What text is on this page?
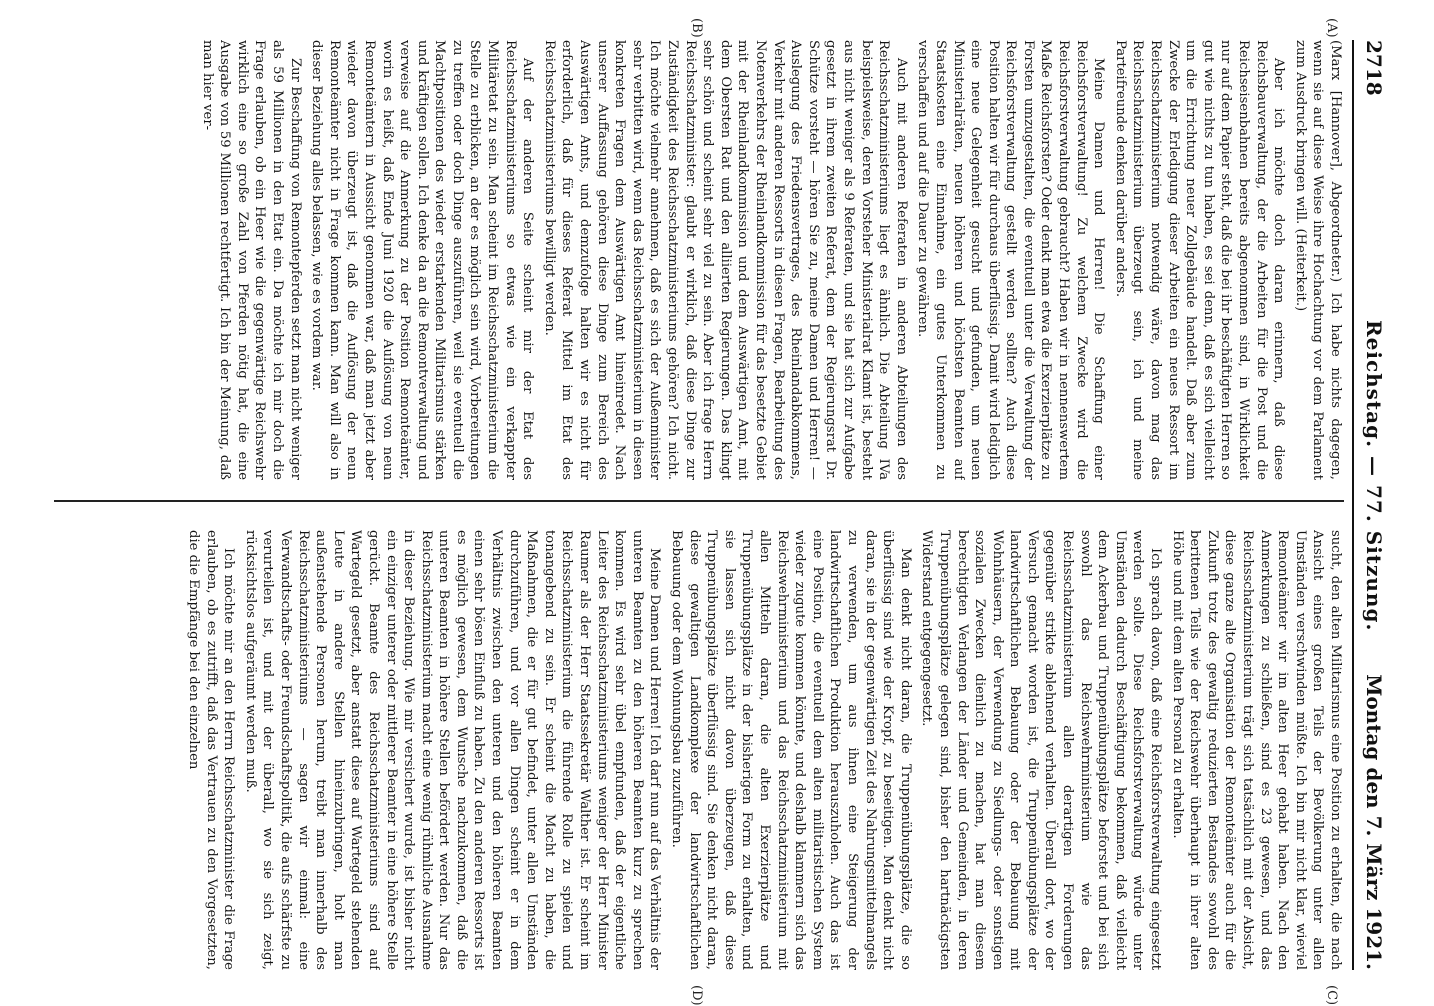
2718
Reichstag. — 77. Sitzung.
Montag den 7. März 1921.
(A)
(B)
(C)
(D)

(Marx [Hannover], Abgeordneter.) Ich habe nichts dagegen, wenn sie auf diese Weise ihre Hochachtung vor dem Parlament zum Ausdruck bringen will. (Heiterkeit.)

Aber ich möchte doch daran erinnern, daß diese Reichsbauverwaltung, der die Arbeiten für die Post und die Reichseisenbahnen bereits abgenommen sind, in Wirklichkeit nur auf dem Papier steht, daß die bei ihr beschäftigten Herren so gut wie nichts zu tun haben, es sei denn, daß es sich vielleicht um die Errichtung neuer Zollgebäude handelt. Daß aber zum Zwecke der Erledigung dieser Arbeiten ein neues Ressort im Reichsschatzministerium notwendig wäre, davon mag das Reichsschatzministerium überzeugt sein, ich und meine Parteifreunde denken darüber anders.

Meine Damen und Herren! Die Schaffung einer Reichsforstverwaltung! Zu welchem Zwecke wird die Reichsforstverwaltung gebraucht? Haben wir in nennenswertem Maße Reichsforsten? Oder denkt man etwa die Exerzierplätze zu Forsten umzugestalten, die eventuell unter die Verwaltung der Reichsforstverwaltung gestellt werden sollten? Auch diese Position halten wir für durchaus überflüssig. Damit wird lediglich eine neue Gelegenheit gesucht und gefunden, um neuen Ministerialräten, neuen höheren und höchsten Beamten auf Staatskosten eine Einnahme, ein gutes Unterkommen zu verschaffen und auf die Dauer zu gewähren.

Auch mit anderen Referaten in anderen Abteilungen des Reichsschatzministeriums liegt es ähnlich. Die Abteilung IVa beispielsweise, deren Vorsteher Ministerialrat Klamt ist, besteht aus nicht weniger als 9 Referaten, und sie hat sich zur Aufgabe gesetzt in ihrem zweiten Referat, dem der Regierungsrat Dr. Schütze vorsteht — hören Sie zu, meine Damen und Herren! — Auslegung des Friedensvertrages, des Rheinlandabkommens, Verkehr mit anderen Ressorts in diesen Fragen, Bearbeitung des Notenverkehrs der Rheinlandkommission für das besetzte Gebiet mit der Rheinlandkommission und dem Auswärtigen Amt, mit dem Obersten Rat und den alliierten Regierungen. Das klingt sehr schön und scheint sehr viel zu sein. Aber ich frage Herrn Reichsschatzminister: glaubt er wirklich, daß diese Dinge zur Zuständigkeit des Reichsschatzministeriums gehören? Ich nicht. Ich möchte vielmehr annehmen, daß es sich der Außenminister sehr verbitten wird, wenn das Reichsschatzministerium in diesen konkreten Fragen dem Auswärtigen Amt hineinredet. Nach unserer Auffassung gehören diese Dinge zum Bereich des Auswärtigen Amts, und demzufolge halten wir es nicht für erforderlich, daß für dieses Referat Mittel im Etat des Reichsschatzministeriums bewilligt werden.

Auf der anderen Seite scheint mir der Etat des Reichsschatzministeriums so etwas wie ein verkappter Militäretat zu sein. Man scheint im Reichsschatzministerium die Stelle zu erblicken, an der es möglich sein wird, Vorbereitungen zu treffen oder doch Dinge auszuführen, weil sie eventuell die Machtpositionen des wieder erstarkenden Militarismus stärken und kräftigen sollen. Ich denke da an die Remontverwaltung und verweise auf die Anmerkung zu der Position Remonteämter, worin es heißt, daß Ende Juni 1920 die Auflösung von neun Remonteämtern in Aussicht genommen war, daß man jetzt aber wieder davon überzeugt ist, daß die Auflösung der neun Remonteämter nicht in Frage kommen kann. Man will also in dieser Beziehung alles belassen, wie es vordem war.

Zur Beschaffung von Remontepferden setzt man nicht weniger als 59 Millionen in den Etat ein. Da möchte ich mir doch die Frage erlauben, ob ein Heer wie die gegenwärtige Reichswehr wirklich eine so große Zahl von Pferden nötig hat, die eine Ausgabe von 59 Millionen rechtfertigt. Ich bin der Meinung, daß man hier ver-

sucht, den alten Militarismus eine Position zu erhalten, die nach Ansicht eines großen Teils der Bevölkerung unter allen Umständen verschwinden müßte. Ich bin mir nicht klar, wieviel Remonteämter wir im alten Heer gehabt haben. Nach den Anmerkungen zu schließen, sind es 23 gewesen, und das Reichsschatzministerium trägt sich tatsächlich mit der Absicht, diese ganze alte Organisation der Remonteämter auch für die Zukunft trotz des gewaltig reduzierten Bestandes sowohl des berittenen Teils wie der Reichswehr überhaupt in ihrer alten Höhe und mit dem alten Personal zu erhalten.

Ich sprach davon, daß eine Reichsforstverwaltung eingesetzt werden sollte. Diese Reichsforstverwaltung würde unter Umständen dadurch Beschäftigung bekommen, daß vielleicht dem Ackerbau und Truppenübungsplätze beforstet und bei sich sowohl das Reichswehrministerium wie das Reichsschatzministerium allen derartigen Forderungen gegenüber strikte ablehnend verhalten. Überall dort, wo der Versuch gemacht worden ist, die Truppenübungsplätze der landwirtschaftlichen Bebauung oder der Bebauung mit Wohnhäusern, der Verwendung zu Siedlungs- oder sonstigen sozialen Zwecken dienlich zu machen, hat man diesem berechtigten Verlangen der Länder und Gemeinden, in deren Truppenübungsplätze gelegen sind, bisher den hartnäckigsten Widerstand entgegengesetzt.

Man denkt nicht daran, die Truppenübungsplätze, die so überflüssig sind wie der Kropf, zu beseitigen. Man denkt nicht daran, sie in der gegenwärtigen Zeit des Nahrungsmittelmangels zu verwenden, um aus ihnen eine Steigerung der landwirtschaftlichen Produktion herauszuholen. Auch das ist eine Position, die eventuell dem alten militaristischen System wieder zugute kommen könnte, und deshalb klammern sich das Reichswehrministerium und das Reichsschatzministerium mit allen Mitteln daran, die alten Exerzierplätze und Truppenübungsplätze in der bisherigen Form zu erhalten, und sie lassen sich nicht davon überzeugen, daß diese Truppenübungsplätze überflüssig sind. Sie denken nicht daran, diese gewaltigen Landkomplexe der landwirtschaftlichen Bebauung oder dem Wohnungsbau zuzuführen.

Meine Damen und Herren! Ich darf nun auf das Verhältnis der unteren Beamten zu den höheren Beamten kurz zu sprechen kommen. Es wird sehr übel empfunden, daß der eigentliche Leiter des Reichsschatzministeriums weniger der Herr Minister Raumer als der Herr Staatssekretär Walther ist. Er scheint im Reichsschatzministerium die führende Rolle zu spielen und tonangebend zu sein. Er scheint die Macht zu haben, die Maßnahmen, die er für gut befindet, unter allen Umständen durchzuführen, und vor allen Dingen scheint er in dem Verhältnis zwischen den unteren und den höheren Beamten einen sehr bösen Einfluß zu haben. Zu den anderen Ressorts ist es möglich gewesen, dem Wunsche nachzukommen, daß die unteren Beamten in höhere Stellen befördert werden. Nur das Reichsschatzministerium macht eine wenig rühmliche Ausnahme in dieser Beziehung. Wie mir versichert wurde, ist bisher nicht ein einziger unterer oder mittlerer Beamter in eine höhere Stelle gerückt. Beamte des Reichsschatzministeriums sind auf Wartegeld gesetzt, aber anstatt diese auf Wartegeld stehenden Leute in andere Stellen hineinzubringen, holt man außenstehende Personen herum, treibt man innerhalb des Reichsschatzministeriums — sagen wir einmal: eine Verwandtschafts- oder Freundschaftspolitik, die aufs schärfste zu verurteilen ist, und mit der überall, wo sie sich zeigt, rücksichtslos aufgeräumt werden muß.

Ich möchte mir an den Herrn Reichsschatzminister die Frage erlauben, ob es zutrifft, daß das Vertrauen zu den Vorgesetzten, die die Empfänge bei den einzelnen
